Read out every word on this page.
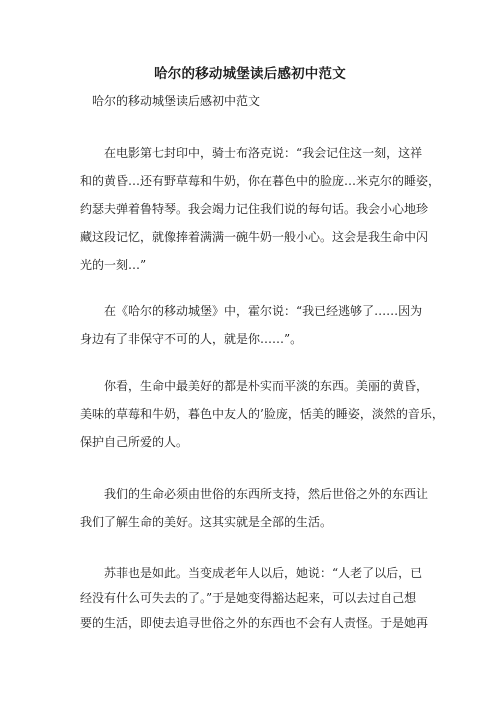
哈尔的移动城堡读后感初中范文
哈尔的移动城堡读后感初中范文
在电影第七封印中，骑士布洛克说：“我会记住这一刻，这祥
和的黄昏…还有野草莓和牛奶，你在暮色中的脸庞…米克尔的睡姿，
约瑟夫弹着鲁特琴。我会竭力记住我们说的每句话。我会小心地珍
藏这段记忆，就像捧着满满一碗牛奶一般小心。这会是我生命中闪
光的一刻…”
在《哈尔的移动城堡》中，霍尔说：“我已经逃够了……因为
身边有了非保守不可的人，就是你……”。
你看，生命中最美好的都是朴实而平淡的东西。美丽的黄昏，
美味的草莓和牛奶，暮色中友人的’脸庞，恬美的睡姿，淡然的音乐，
保护自己所爱的人。
我们的生命必须由世俗的东西所支持，然后世俗之外的东西让
我们了解生命的美好。这其实就是全部的生活。
苏菲也是如此。当变成老年人以后，她说：“人老了以后，已
经没有什么可失去的了。”于是她变得豁达起来，可以去过自己想
要的生活，即使去追寻世俗之外的东西也不会有人责怪。于是她再
